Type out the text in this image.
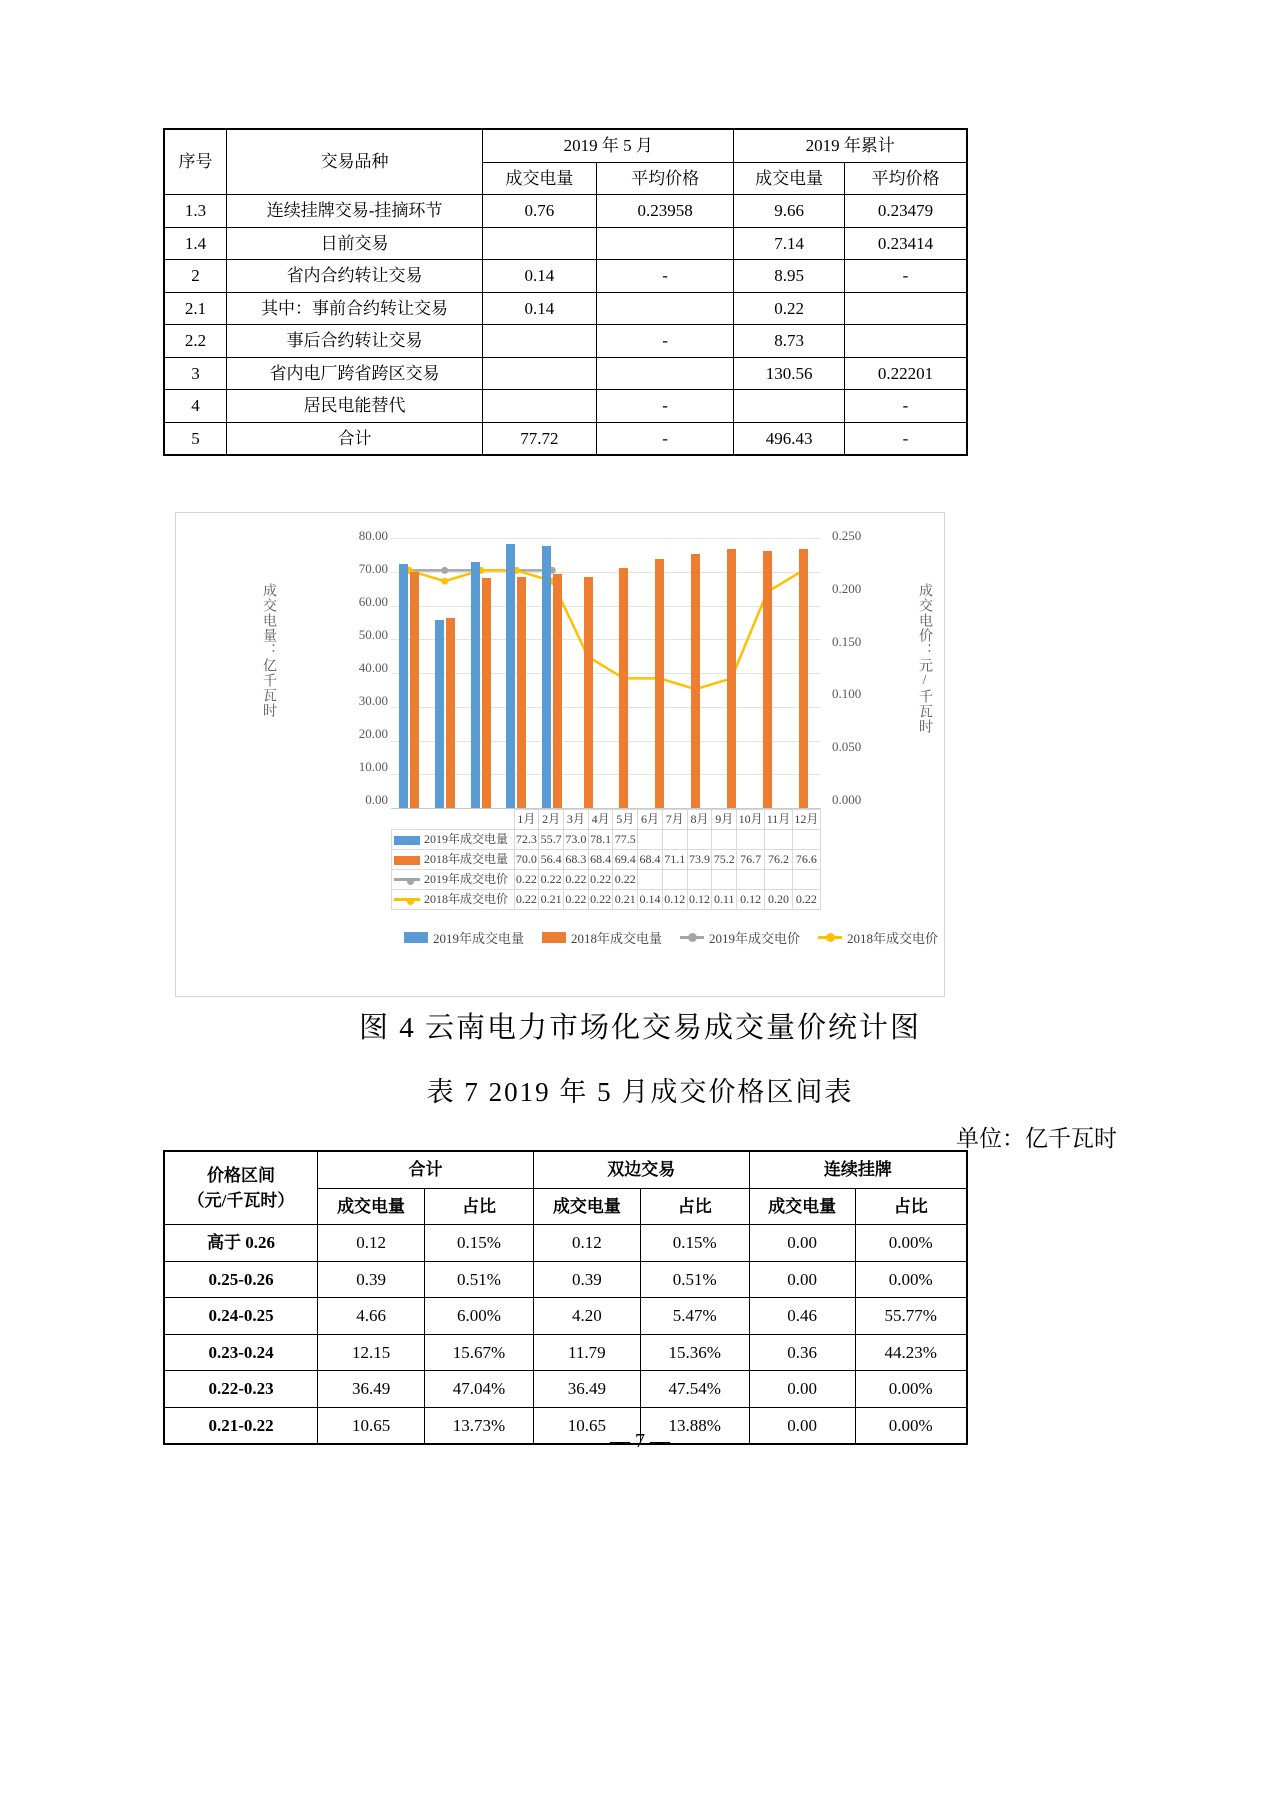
序号	交易品种	2019 年 5 月		2019 年累计	
		成交电量	平均价格	成交电量	平均价格
1.3	连续挂牌交易-挂摘环节	0.76	0.23958	9.66	0.23479
1.4	日前交易			7.14	0.23414
2	省内合约转让交易	0.14	-	8.95	-
2.1	其中：事前合约转让交易	0.14		0.22	
2.2	事后合约转让交易		-	8.73	
3	省内电厂跨省跨区交易			130.56	0.22201
4	居民电能替代		-		-
5	合计	77.72	-	496.43	-
成交电量：亿千瓦时	成交电价：元/千瓦时
80.00
70.00
60.00
50.00
40.00
30.00
20.00
10.00
0.00
0.250
0.200
0.150
0.100
0.050
0.000
	1月	2月	3月	4月	5月	6月	7月	8月	9月	10月	11月	12月
2019年成交电量	72.3	55.7	73.0	78.1	77.5							
2018年成交电量	70.0	56.4	68.3	68.4	69.4	68.4	71.1	73.9	75.2	76.7	76.2	76.6
2019年成交电价	0.22	0.22	0.22	0.22	0.22							
2018年成交电价	0.22	0.21	0.22	0.22	0.21	0.14	0.12	0.12	0.11	0.12	0.20	0.22
2019年成交电量	2018年成交电量	2019年成交电价	2018年成交电价
图 4 云南电力市场化交易成交量价统计图
表 7 2019 年 5 月成交价格区间表
单位：亿千瓦时
价格区间
（元/千瓦时）	合计		双边交易		连续挂牌	
	成交电量	占比	成交电量	占比	成交电量	占比
高于 0.26	0.12	0.15%	0.12	0.15%	0.00	0.00%
0.25-0.26	0.39	0.51%	0.39	0.51%	0.00	0.00%
0.24-0.25	4.66	6.00%	4.20	5.47%	0.46	55.77%
0.23-0.24	12.15	15.67%	11.79	15.36%	0.36	44.23%
0.22-0.23	36.49	47.04%	36.49	47.54%	0.00	0.00%
0.21-0.22	10.65	13.73%	10.65	13.88%	0.00	0.00%
— 7 —
